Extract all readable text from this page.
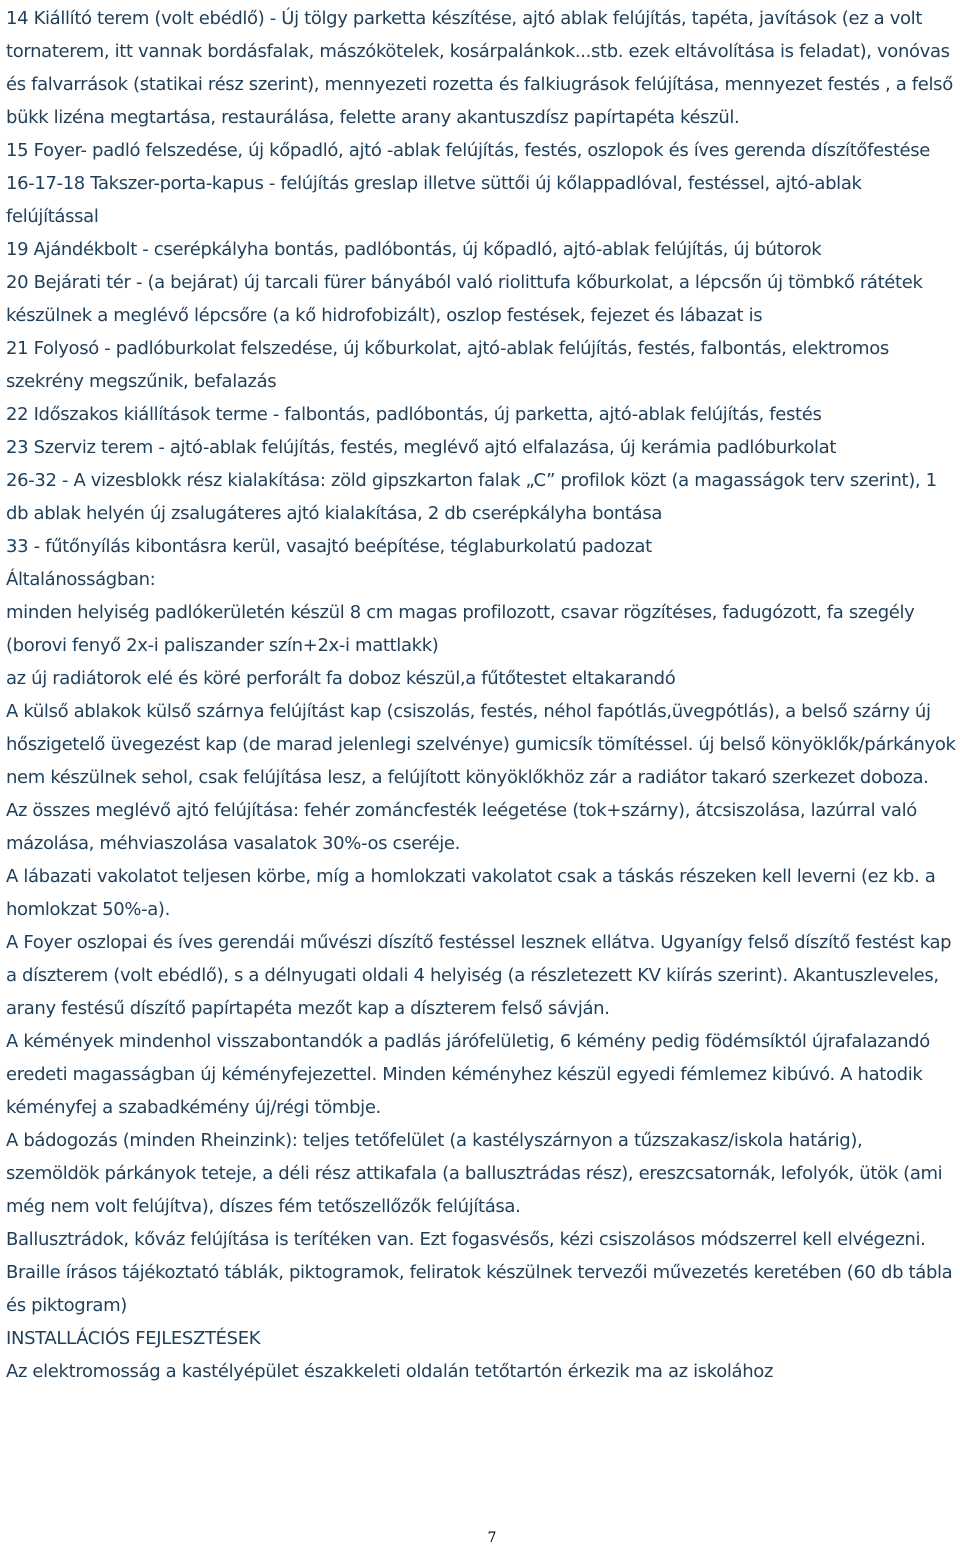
14 Kiállító terem (volt ebédlő) - Új tölgy parketta készítése, ajtó ablak felújítás, tapéta, javítások (ez a volt tornaterem, itt vannak bordásfalak, mászókötelek, kosárpalánkok...stb. ezek eltávolítása is feladat), vonóvas és falvarrások (statikai rész szerint), mennyezeti rozetta és falkiugrások felújítása, mennyezet festés , a felső bükk lizéna megtartása, restaurálása, felette arany akantuszdísz papírtapéta készül.

15 Foyer- padló felszedése, új kőpadló, ajtó -ablak felújítás, festés, oszlopok és íves gerenda díszítőfestése

16-17-18 Takszer-porta-kapus - felújítás greslap illetve süttői új kőlappadlóval, festéssel, ajtó-ablak felújítással

19 Ajándékbolt - cserépkályha bontás, padlóbontás, új kőpadló, ajtó-ablak felújítás, új bútorok

20 Bejárati tér - (a bejárat) új tarcali fürer bányából való riolittufa kőburkolat, a lépcsőn új tömbkő rátétek készülnek a meglévő lépcsőre (a kő hidrofobizált), oszlop festések, fejezet és lábazat is

21 Folyosó - padlóburkolat felszedése, új kőburkolat, ajtó-ablak felújítás, festés, falbontás, elektromos szekrény megszűnik, befalazás

22 Időszakos kiállítások terme - falbontás, padlóbontás, új parketta, ajtó-ablak felújítás, festés

23 Szerviz terem - ajtó-ablak felújítás, festés, meglévő ajtó elfalazása, új kerámia padlóburkolat

26-32 - A vizesblokk rész kialakítása: zöld gipszkarton falak „C” profilok közt (a magasságok terv szerint), 1 db ablak helyén új zsalugáteres ajtó kialakítása, 2 db cserépkályha bontása

33 - fűtőnyílás kibontásra kerül, vasajtó beépítése, téglaburkolatú padozat

Általánosságban:

minden helyiség padlókerületén készül 8 cm magas profilozott, csavar rögzítéses, fadugózott, fa szegély (borovi fenyő 2x-i paliszander szín+2x-i mattlakk)

az új radiátorok elé és köré perforált fa doboz készül,a fűtőtestet eltakarandó

A külső ablakok külső szárnya felújítást kap (csiszolás, festés, néhol fapótlás,üvegpótlás), a belső szárny új hőszigetelő üvegezést kap (de marad jelenlegi szelvénye) gumicsík tömítéssel. új belső könyöklők/párkányok nem készülnek sehol, csak felújítása lesz, a felújított könyöklőkhöz zár a radiátor takaró szerkezet doboza.

Az összes meglévő ajtó felújítása: fehér zománcfesték leégetése (tok+szárny), átcsiszolása, lazúrral való mázolása, méhviaszolása vasalatok 30%-os cseréje.

A lábazati vakolatot teljesen körbe, míg a homlokzati vakolatot csak a táskás részeken kell leverni (ez kb. a homlokzat 50%-a).

A Foyer oszlopai és íves gerendái művészi díszítő festéssel lesznek ellátva. Ugyanígy felső díszítő festést kap a díszterem (volt ebédlő), s a délnyugati oldali 4 helyiség (a részletezett KV kiírás szerint). Akantuszleveles, arany festésű díszítő papírtapéta mezőt kap a díszterem felső sávján.

A kémények mindenhol visszabontandók a padlás járófelületig, 6 kémény pedig födémsíktól újrafalazandó eredeti magasságban új kéményfejezettel. Minden kéményhez készül egyedi fémlemez kibúvó. A hatodik kéményfej a szabadkémény új/régi tömbje.

A bádogozás (minden Rheinzink): teljes tetőfelület (a kastélyszárnyon a tűzszakasz/iskola határig), szemöldök párkányok teteje, a déli rész attikafala (a ballusztrádas rész), ereszcsatornák, lefolyók, ütök (ami még nem volt felújítva), díszes fém tetőszellőzők felújítása.

Ballusztrádok, kőváz felújítása is terítéken van. Ezt fogasvésős, kézi csiszolásos módszerrel kell elvégezni.

Braille írásos tájékoztató táblák, piktogramok, feliratok készülnek tervezői művezetés keretében (60 db tábla és piktogram)

INSTALLÁCIÓS FEJLESZTÉSEK

Az elektromosság a kastélyépület északkeleti oldalán tetőtartón érkezik ma az iskolához

7
